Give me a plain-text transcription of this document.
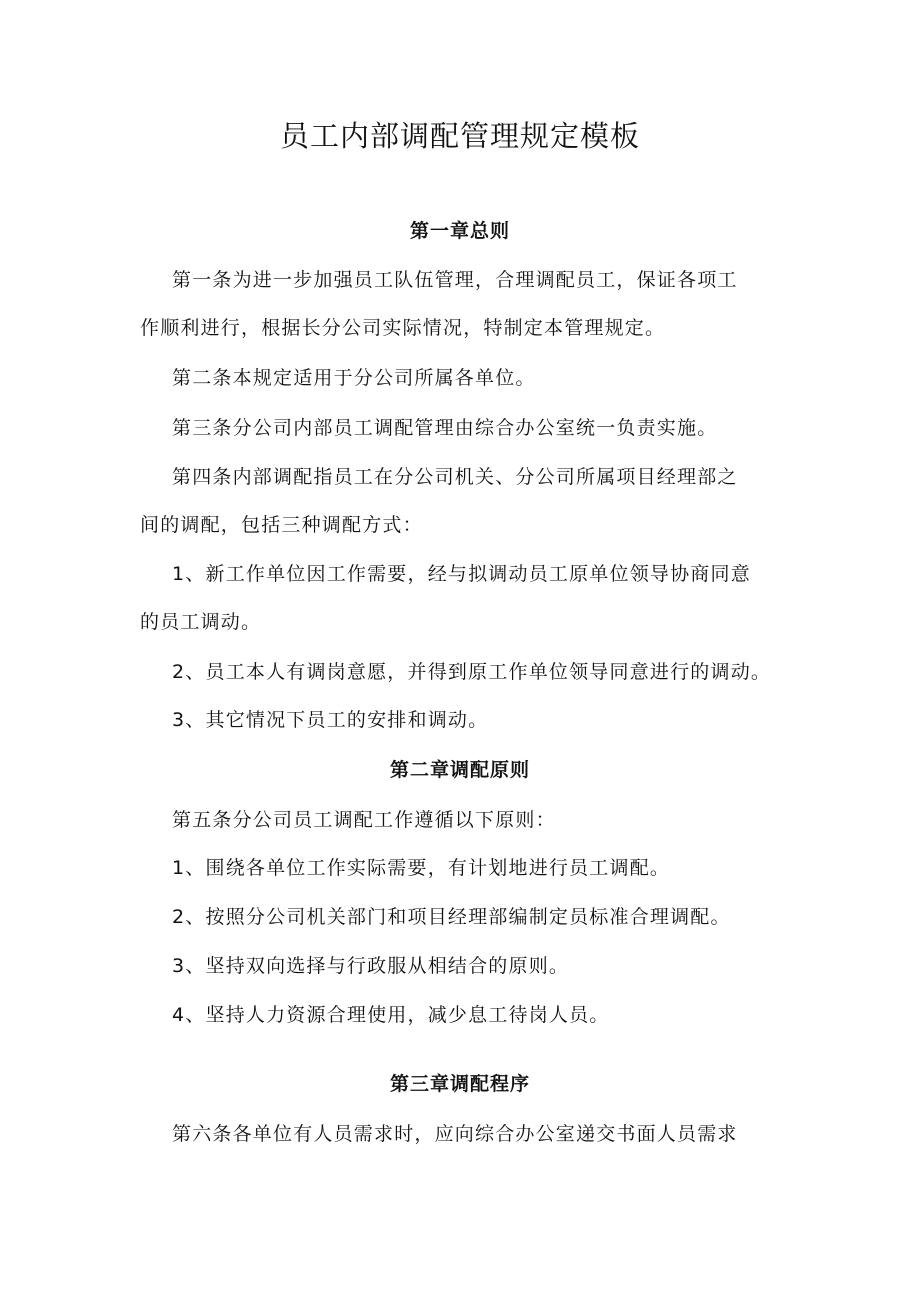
员工内部调配管理规定模板
第一章总则
第一条为进一步加强员工队伍管理，合理调配员工，保证各项工
作顺利进行，根据长分公司实际情况，特制定本管理规定。
第二条本规定适用于分公司所属各单位。
第三条分公司内部员工调配管理由综合办公室统一负责实施。
第四条内部调配指员工在分公司机关、分公司所属项目经理部之
间的调配，包括三种调配方式：
1、新工作单位因工作需要，经与拟调动员工原单位领导协商同意
的员工调动。
2、员工本人有调岗意愿，并得到原工作单位领导同意进行的调动。
3、其它情况下员工的安排和调动。
第二章调配原则
第五条分公司员工调配工作遵循以下原则：
1、围绕各单位工作实际需要，有计划地进行员工调配。
2、按照分公司机关部门和项目经理部编制定员标准合理调配。
3、坚持双向选择与行政服从相结合的原则。
4、坚持人力资源合理使用，减少息工待岗人员。
第三章调配程序
第六条各单位有人员需求时，应向综合办公室递交书面人员需求
